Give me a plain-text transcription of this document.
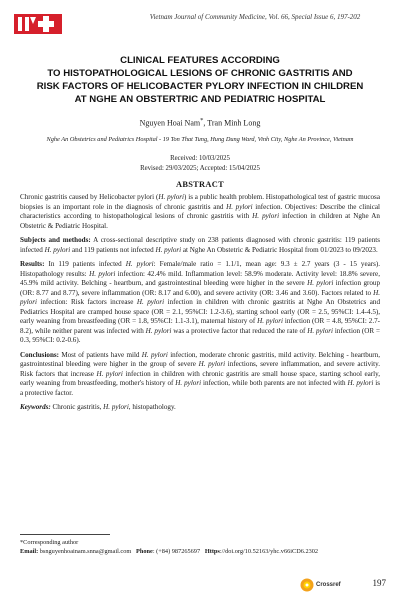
Vietnam Journal of Community Medicine, Vol. 66, Special Issue 6, 197-202
CLINICAL FEATURES ACCORDING
TO HISTOPATHOLOGICAL LESIONS OF CHRONIC GASTRITIS AND
RISK FACTORS OF HELICOBACTER PYLORY INFECTION IN CHILDREN
AT NGHE AN OBSTERTRIC AND PEDIATRIC HOSPITAL
Nguyen Hoai Nam*, Tran Minh Long
Nghe An Obstetrics and Pediatrics Hospital - 19 Ton That Tung, Hung Dung Ward, Vinh City, Nghe An Province, Vietnam
Received: 10/03/2025
Revised: 29/03/2025; Accepted: 15/04/2025
ABSTRACT

Chronic gastritis caused by Helicobacter pylori (H. pylori) is a public health problem. Histopathological test of gastric mucosa biopsies is an important role in the diagnosis of chronic gastritis and H. pylori infection. Objectives: Describe the clinical characteristics according to histopathological lesions of chronic gastritis with H. pylori infection in children at Nghe An Obstetric & Pediatric Hospital.

Subjects and methods: A cross-sectional descriptive study on 238 patients diagnosed with chronic gastritis: 119 patients infected H. pylori and 119 patients not infected H. pylori at Nghe An Obstetric & Pediatric Hospital from 01/2023 to 09/2023.

Results: In 119 patients infected H. pylori: Female/male ratio = 1.1/1, mean age: 9.3 ± 2.7 years (3 - 15 years). Histopathology results: H. pylori infection: 42.4% mild. Inflammation level: 58.9% moderate. Activity level: 18.8% severe, 45.9% mild activity. Belching - heartburn, and gastrointestinal bleeding were higher in the severe H. pylori infection group (OR: 8.77 and 8.77), severe inflammation (OR: 8.17 and 6.00), and severe activity (OR: 3.46 and 3.60). Factors related to H. pylori infection: Risk factors increase H. pylori infection in children with chronic gastritis at Nghe An Obstetrics and Pediatrics Hospital are cramped house space (OR = 2.1, 95%CI: 1.2-3.6), starting school early (OR = 2.5, 95%CI: 1.4-4.5), early weaning from breastfeeding (OR = 1.8, 95%CI: 1.1-3.1), maternal history of H. pylori infection (OR = 4.8, 95%CI: 2.7-8.2), while neither parent was infected with H. pylori was a protective factor that reduced the rate of H. pylori infection (OR = 0.3, 95%CI: 0.2-0.6).

Conclusions: Most of patients have mild H. pylori infection, moderate chronic gastritis, mild activity. Belching - heartburn, gastrointestinal bleeding were higher in the group of severe H. pylori infections, severe inflammation, and severe activity. Risk factors that increase H. pylori infection in children with chronic gastritis are small house space, starting school early, early weaning from breastfeeding, mother's history of H. pylori infection, while both parents are not infected with H. pylori is a protective factor.

Keywords: Chronic gastritis, H. pylori, histopathology.

*Corresponding author
Email: bsnguyenhoainam.snna@gmail.com Phone: (+84) 987265697 Https://doi.org/10.52163/yhc.v66iCD6.2302
Crossref	197
